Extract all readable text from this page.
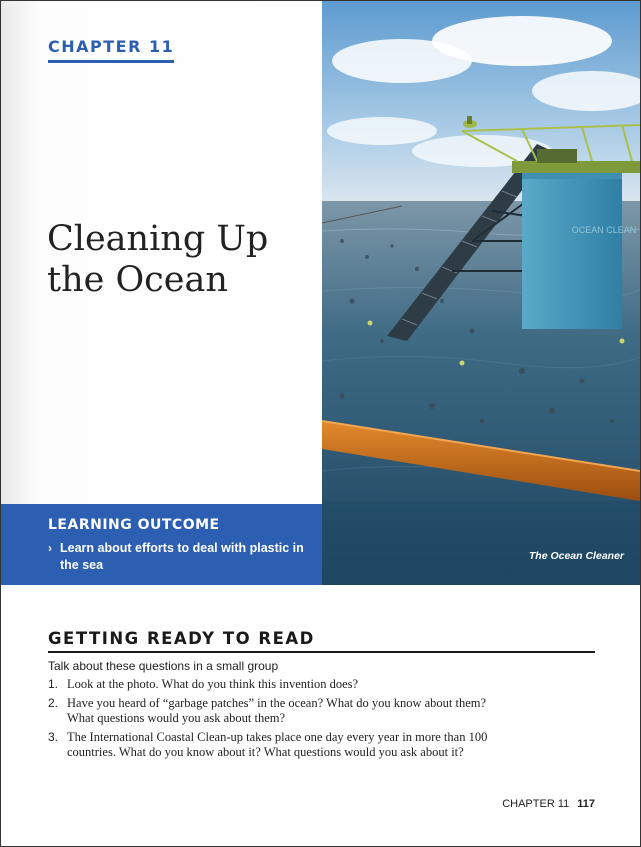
CHAPTER 11
Cleaning Up
the Ocean
OCEAN CLEAN
The Ocean Cleaner
LEARNING OUTCOME
› Learn about efforts to deal with plastic in the sea
GETTING READY TO READ
Talk about these questions in a small group
1. Look at the photo. What do you think this invention does?
2. Have you heard of “garbage patches” in the ocean? What do you know about them? What questions would you ask about them?
3. The International Coastal Clean-up takes place one day every year in more than 100 countries. What do you know about it? What questions would you ask about it?
CHAPTER 11 117
